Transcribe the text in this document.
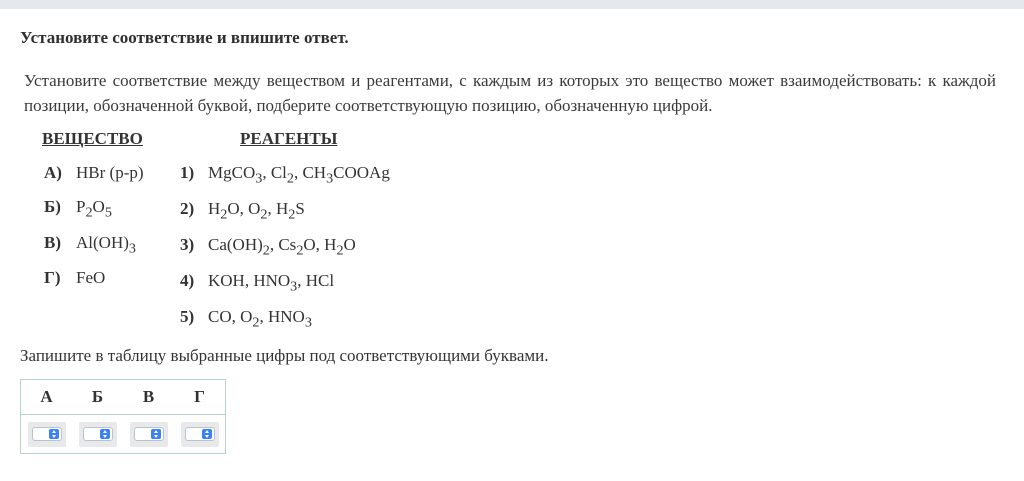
Установите соответствие и впишите ответ.
Установите соответствие между веществом и реагентами, с каждым из которых это вещество может взаимодействовать: к каждой позиции, обозначенной буквой, подберите соответствующую позицию, обозначенную цифрой.
ВЕЩЕСТВО	РЕАГЕНТЫ
А) HBr (р-р)
Б) $P_2O_5$
В) $Al(OH)_3$
Г) FeO
1) MgCO$_3$, $Cl_2$, $CH_3COOAg$
2) $H_2O$, $O_2$, $H_2S$
3) $Ca(OH)_2$, $Cs_2O$, $H_2O$
4) KOH, $HNO_3$, HCl
5) CO, $O_2$, $HNO_3$
Запишите в таблицу выбранные цифры под соответствующими буквами.
А	Б	В	Г
